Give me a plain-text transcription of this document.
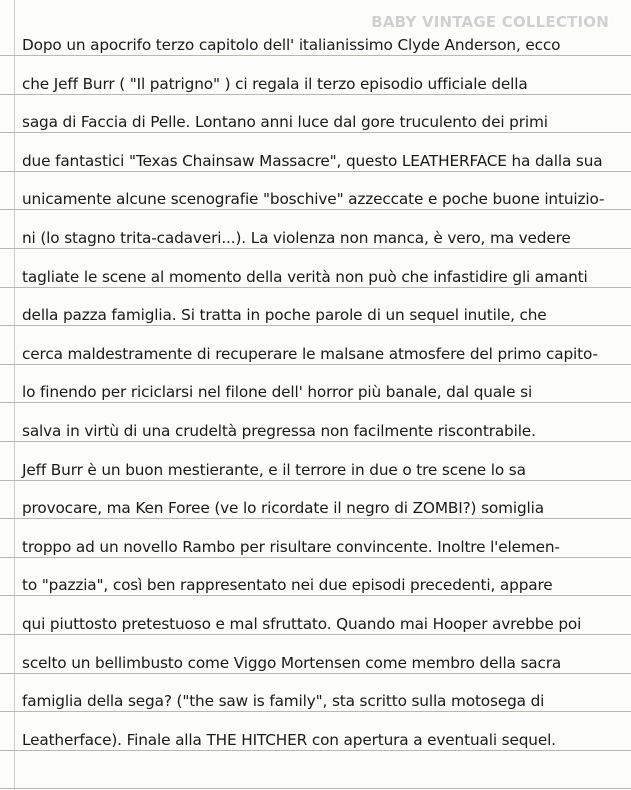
BABY VINTAGE COLLECTION
Dopo un apocrifo terzo capitolo dell' italianissimo Clyde Anderson, ecco
che Jeff Burr ( "Il patrigno" ) ci regala il terzo episodio ufficiale della
saga di Faccia di Pelle. Lontano anni luce dal gore truculento dei primi
due fantastici "Texas Chainsaw Massacre", questo LEATHERFACE ha dalla sua
unicamente alcune scenografie "boschive" azzeccate e poche buone intuizio-
ni (lo stagno trita-cadaveri...). La violenza non manca, è vero, ma vedere
tagliate le scene al momento della verità non può che infastidire gli amanti
della pazza famiglia. Si tratta in poche parole di un sequel inutile, che
cerca maldestramente di recuperare le malsane atmosfere del primo capito-
lo finendo per riciclarsi nel filone dell' horror più banale, dal quale si
salva in virtù di una crudeltà pregressa non facilmente riscontrabile.
Jeff Burr è un buon mestierante, e il terrore in due o tre scene lo sa
provocare, ma Ken Foree (ve lo ricordate il negro di ZOMBI?) somiglia
troppo ad un novello Rambo per risultare convincente. Inoltre l'elemen-
to "pazzia", così ben rappresentato nei due episodi precedenti, appare
qui piuttosto pretestuoso e mal sfruttato. Quando mai Hooper avrebbe poi
scelto un bellimbusto come Viggo Mortensen come membro della sacra
famiglia della sega? ("the saw is family", sta scritto sulla motosega di
Leatherface). Finale alla THE HITCHER con apertura a eventuali sequel.
